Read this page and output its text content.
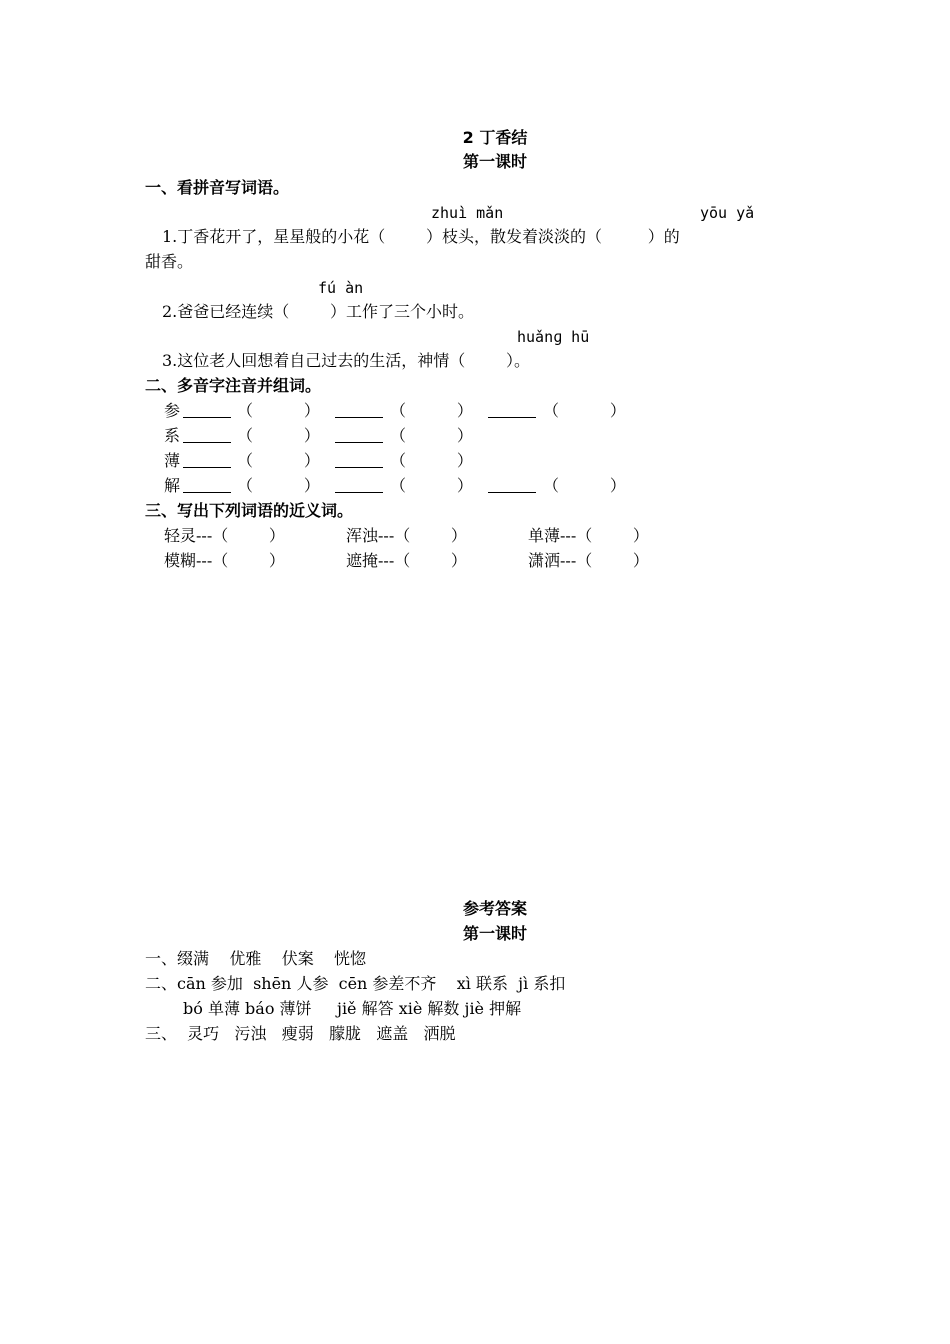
2 丁香结
第一课时
一、看拼音写词语。
zhuì mǎn	yōu yǎ
1.丁香花开了，星星般的小花（        ）枝头，散发着淡淡的（         ）的
甜香。
fú àn
2.爸爸已经连续（        ）工作了三个小时。
huǎnɡ hū
3.这位老人回想着自己过去的生活，神情（        ）。
二、多音字注音并组词。
参	（          ）	（          ）	（          ）
系	（          ）	（          ）
薄	（          ）	（          ）
解	（          ）	（          ）	（          ）
三、写出下列词语的近义词。
轻灵---（        ）	浑浊---（        ）	单薄---（        ）
模糊---（        ）	遮掩---（        ）	潇洒---（        ）
参考答案
第一课时
一、缀满    优雅    伏案    恍惚
二、cān 参加  shēn 人参  cēn 参差不齐    xì 联系  jì 系扣
bó 单薄 báo 薄饼     jiě 解答 xiè 解数 jiè 押解
三、  灵巧   污浊   瘦弱   朦胧   遮盖   洒脱
